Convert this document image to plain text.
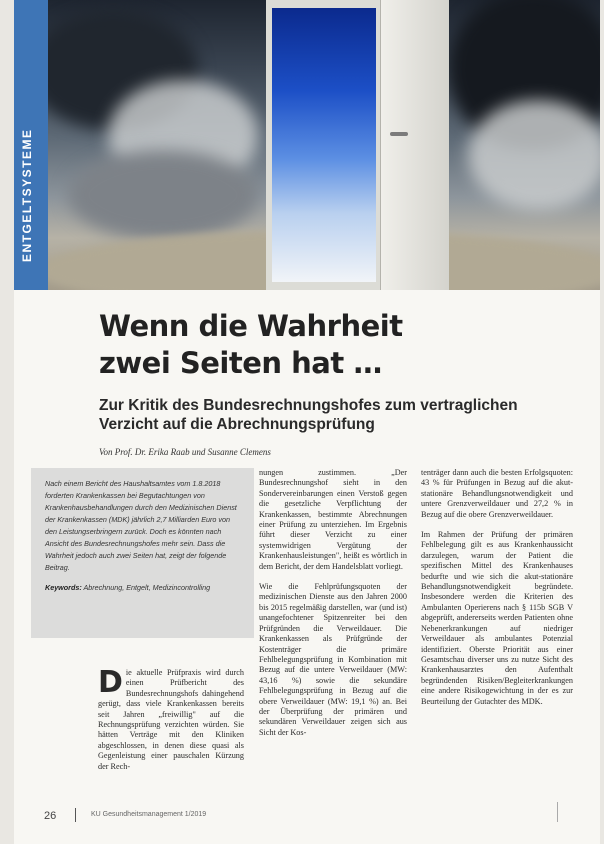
ENTGELTSYSTEME
Wenn die Wahrheit
zwei Seiten hat …
Zur Kritik des Bundesrechnungshofes zum vertraglichen Verzicht auf die Abrechnungsprüfung
Von Prof. Dr. Erika Raab und Susanne Clemens

Nach einem Bericht des Haushaltsamtes vom 1.8.2018 forderten Krankenkassen bei Begutachtungen von Krankenhausbehandlungen durch den Medizinischen Dienst der Krankenkassen (MDK) jährlich 2,7 Milliarden Euro von den Leistungserbringern zurück. Doch es könnten nach Ansicht des Bundesrechnungshofes mehr sein. Dass die Wahrheit jedoch auch zwei Seiten hat, zeigt der folgende Beitrag.

Keywords: Abrechnung, Entgelt, Medizincontrolling

Die aktuelle Prüfpraxis wird durch einen Prüfbericht des Bundesrechnungshofs dahingehend gerügt, dass viele Krankenkassen bereits seit Jahren „freiwillig" auf die Rechnungsprüfung verzichten würden. Sie hätten Verträge mit den Kliniken abgeschlossen, in denen diese quasi als Gegenleistung einer pauschalen Kürzung der Rech-

nungen zustimmen. „Der Bundesrechnungshof sieht in den Sondervereinbarungen einen Verstoß gegen die gesetzliche Verpflichtung der Krankenkassen, bestimmte Abrechnungen einer Prüfung zu unterziehen. Im Ergebnis führt dieser Verzicht zu einer systemwidrigen Vergütung der Krankenhausleistungen", heißt es wörtlich in dem Bericht, der dem Handelsblatt vorliegt.

Wie die Fehlprüfungsquoten der medizinischen Dienste aus den Jahren 2000 bis 2015 regelmäßig darstellen, war (und ist) unangefochtener Spitzenreiter bei den Prüfgründen die Verweildauer. Die Krankenkassen als Prüfgründe der Kostenträger die primäre Fehlbelegungsprüfung in Kombination mit Bezug auf die untere Verweildauer (MW: 43,16 %) sowie die sekundäre Fehlbelegungsprüfung in Bezug auf die obere Verweildauer (MW: 19,1 %) an. Bei der Überprüfung der primären und sekundären Verweildauer zeigen sich aus Sicht der Kos-

tenträger dann auch die besten Erfolgsquoten: 43 % für Prüfungen in Bezug auf die akut-stationäre Behandlungsnotwendigkeit und untere Grenzverweildauer und 27,2 % in Bezug auf die obere Grenzverweildauer.

Im Rahmen der Prüfung der primären Fehlbelegung gilt es aus Krankenhaussicht darzulegen, warum der Patient die spezifischen Mittel des Krankenhauses bedurfte und wie sich die akut-stationäre Behandlungsnotwendigkeit begründete. Insbesondere werden die Kriterien des Ambulanten Operierens nach § 115b SGB V abgeprüft, andererseits werden Patienten ohne Nebenerkrankungen auf niedriger Verweildauer als ambulantes Potenzial identifiziert. Oberste Priorität aus einer Gesamtschau diverser uns zu nutze Sicht des Krankenhausarztes den Aufenthalt begründenden Risiken/Begleiterkrankungen eine andere Risikogewichtung in der es zur Beurteilung der Gutachter des MDK.

26	KU Gesundheitsmanagement 1/2019
